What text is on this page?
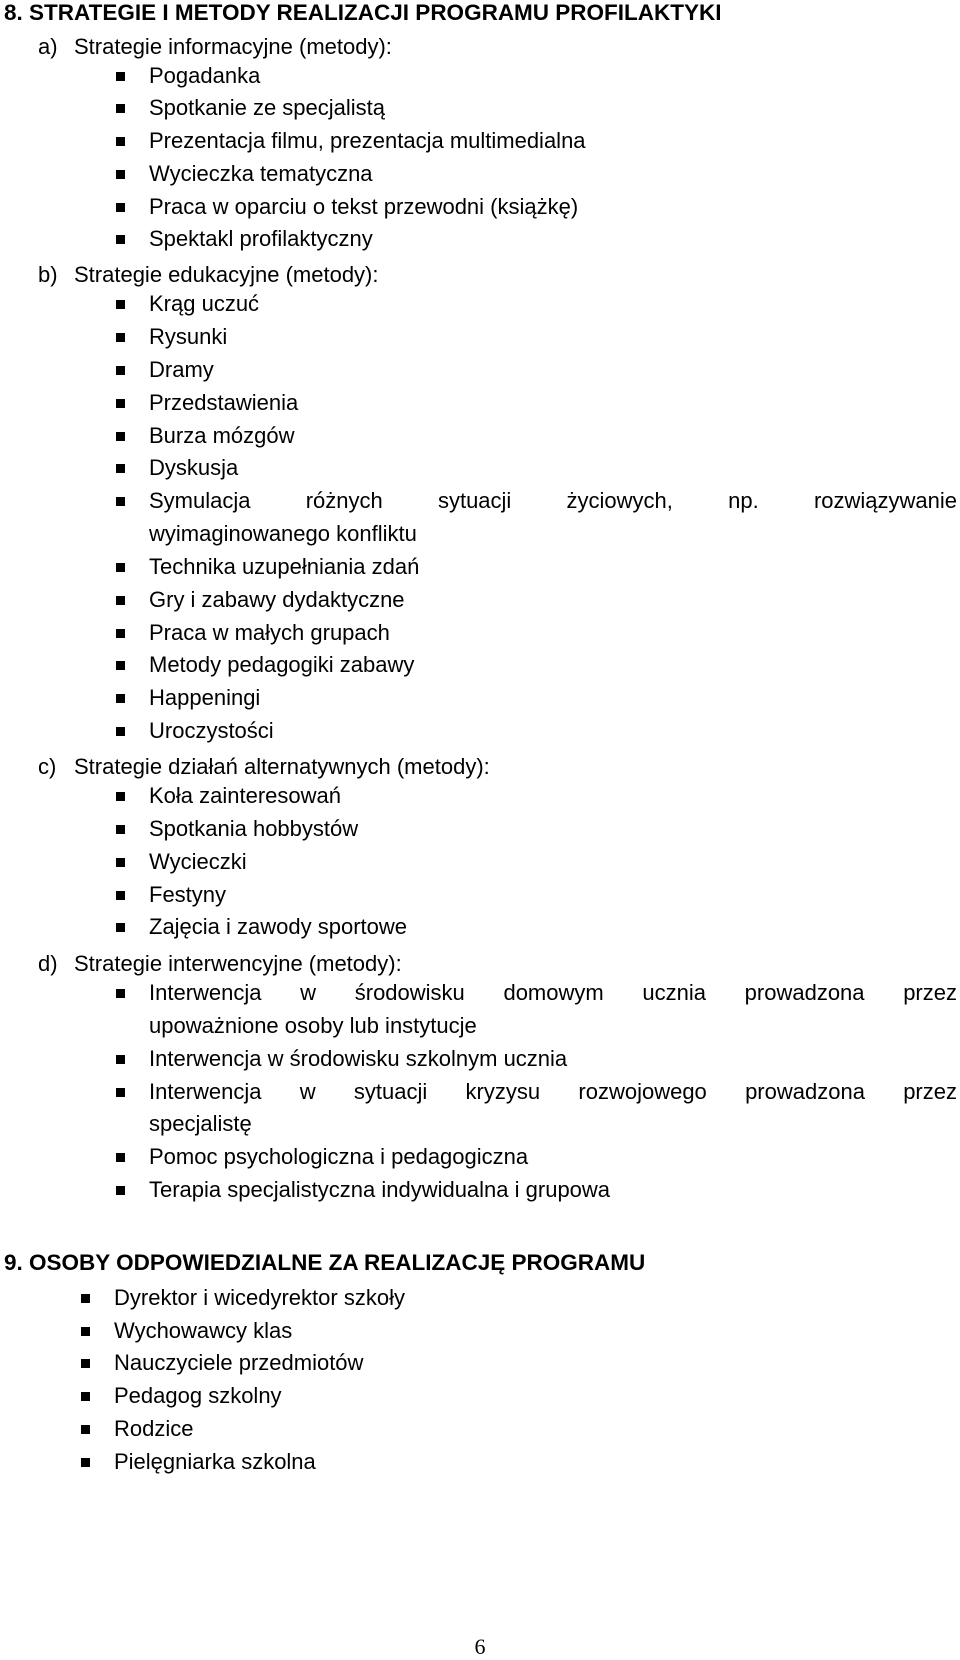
8. STRATEGIE I METODY REALIZACJI PROGRAMU PROFILAKTYKI
a) Strategie informacyjne (metody):
Pogadanka
Spotkanie ze specjalistą
Prezentacja filmu, prezentacja multimedialna
Wycieczka tematyczna
Praca w oparciu o tekst przewodni (książkę)
Spektakl profilaktyczny
b) Strategie edukacyjne (metody):
Krąg uczuć
Rysunki
Dramy
Przedstawienia
Burza mózgów
Dyskusja
Symulacja różnych sytuacji życiowych, np. rozwiązywanie
wyimaginowanego konfliktu
Technika uzupełniania zdań
Gry i zabawy dydaktyczne
Praca w małych grupach
Metody pedagogiki zabawy
Happeningi
Uroczystości
c) Strategie działań alternatywnych (metody):
Koła zainteresowań
Spotkania hobbystów
Wycieczki
Festyny
Zajęcia i zawody sportowe
d) Strategie interwencyjne (metody):
Interwencja w środowisku domowym ucznia prowadzona przez
upoważnione osoby lub instytucje
Interwencja w środowisku szkolnym ucznia
Interwencja w sytuacji kryzysu rozwojowego prowadzona przez
specjalistę
Pomoc psychologiczna i pedagogiczna
Terapia specjalistyczna indywidualna i grupowa
9. OSOBY ODPOWIEDZIALNE ZA REALIZACJĘ PROGRAMU
Dyrektor i wicedyrektor szkoły
Wychowawcy klas
Nauczyciele przedmiotów
Pedagog szkolny
Rodzice
Pielęgniarka szkolna
6
